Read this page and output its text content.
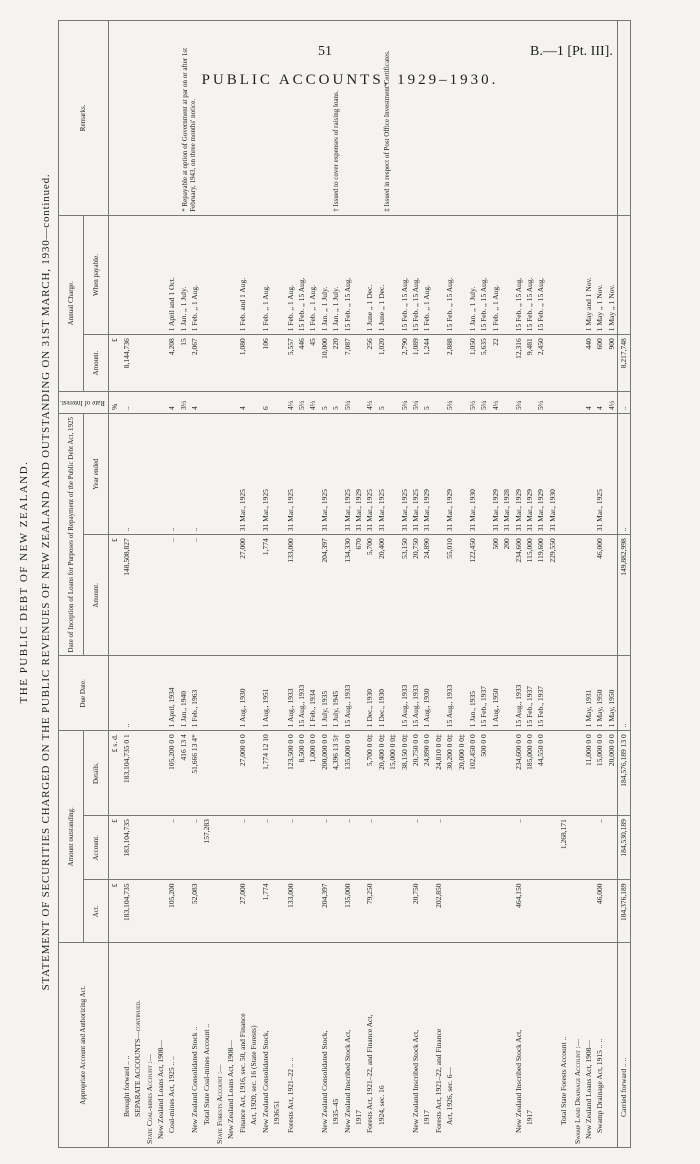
51	B.—1 [Pt. III].
PUBLIC ACCOUNTS, 1929–1930.
THE PUBLIC DEBT OF NEW ZEALAND. STATEMENT OF SECURITIES CHARGED ON THE PUBLIC REVENUES OF NEW ZEALAND AND OUTSTANDING ON 31ST MARCH, 1930—continued.
Appropriate Account and Authorizing Act.	Amount outstanding.			Due Date.	Date of Inception of Loans for Purposes of Repayment of the Public Debt Act, 1925		Rate of Interest.	Annual Charge.		Remarks.
	Act.	Account.	Details.		Amount.	Year ended		Amount.	When payable.	
	£	£	£ s. d.		£		%	£		
Brought forward .. ..	183,104,735	183,104,735	183,104,735 0 1	..	148,508,827	..	..	8,144,736		
SEPARATE ACCOUNTS—continued.										
State Coal-mines Account :—										
New Zealand Loans Act, 1908—										
Coal-mines Act, 1925 .. ..	105,200	..	105,200 0 0	1 April, 1934	..	..	4	4,208	1 April and 1 Oct.	* Repayable at option of Government at par on or after 1st February, 1943, on three months' notice.
			416 13 4	1 Jan., 1940			3½	15	1 Jan. ,, 1 July.	
New Zealand Consolidated Stock ..	52,083	..	51,666 13 4*	1 Feb., 1963	..	..	4	2,067	1 Feb. ,, 1 Aug.	
Total State Coal-mines Account ..		157,283								

State Forests Account :—										
New Zealand Loans Act, 1908—										
Finance Act, 1916, sec. 50, and Finance	27,000	..	27,000 0 0	1 Aug., 1930	27,000	31 Mar., 1925	4	1,080	1 Feb. and 1 Aug.	
Act, 1920, sec. 16 (State Forests)										
New Zealand Consolidated Stock,	1,774	..	1,774 12 10	1 Aug., 1951	1,774	31 Mar., 1925	6	106	1 Feb. ,, 1 Aug.	
1936/51										

Forests Act, 1921–22 .. ..	133,000	..	123,500 0 0	1 Aug., 1933	133,000	31 Mar., 1925	4½	5,557	1 Feb. ,, 1 Aug.	
			8,500 0 0	15 Aug., 1933			5½	446	15 Feb. ,, 15 Aug.	
			1,000 0 0	1 Feb., 1934			4½	45	1 Feb. ,, 1 Aug.	
New Zealand Consolidated Stock,	204,397	..	200,000 0 0	1 July, 1935	204,397	31 Mar., 1925	5	10,000	1 Jan. ,, 1 July.	† Issued to cover expenses of raising loans.
1935–45			4,396 13 5†	1 July, 1945			5	220	1 Jan. ,, 1 July.	
New Zealand Inscribed Stock Act,	135,000	..	135,000 0 0	15 Aug., 1933	134,330	31 Mar., 1925	5¼	7,087	15 Feb. ,, 15 Aug.	
1917					670	31 Mar., 1929				
Forests Act, 1921–22, and Finance Act,	79,250	..	5,700 0 0‡	1 Dec., 1930	5,700	31 Mar., 1925	4½	256	1 June ,, 1 Dec.	‡ Issued in respect of Post Office Investment Certificates.
1924, sec. 16			20,400 0 0‡	1 Dec., 1930	20,400	31 Mar., 1925	5	1,020	1 June ,, 1 Dec.	
			15,000 0 0‡							
			38,150 0 0‡	15 Aug., 1933	53,150	31 Mar., 1925	5¼	2,790	15 Feb. ,, 15 Aug.	
New Zealand Inscribed Stock Act,	20,750	..	20,750 0 0	15 Aug., 1933	20,750	31 Mar., 1925	5¼	1,089	15 Feb. ,, 15 Aug.	
1917			24,890 0 0	1 Aug., 1930	24,890	31 Mar., 1929	5	1,244	1 Feb. ,, 1 Aug.	
Forests Act, 1921–22, and Finance	202,850	..	24,810 0 0‡							
Act, 1926, sec. 6—			30,200 0 0‡	15 Aug., 1933	55,010	31 Mar., 1929	5¼	2,888	15 Feb. ,, 15 Aug.	
			20,000 0 0‡							
			102,450 0 0	1 Jan., 1935	122,450	31 Mar., 1930	5½	1,050	1 Jan. ,, 1 July.	
			500 0 0	15 Feb., 1937			5¼	5,635	15 Feb. ,, 15 Aug.	
				1 Aug., 1950	500	31 Mar., 1929	4½	22	1 Feb. ,, 1 Aug.	
					200	31 Mar., 1928				
New Zealand Inscribed Stock Act,	464,150	..	234,600 0 0	15 Aug., 1933	234,600	31 Mar., 1929	5¼	12,316	15 Feb. ,, 15 Aug.	
1917			185,000 0 0	15 Feb., 1937	115,000	31 Mar., 1929		9,481	15 Feb. ,, 15 Aug.	
			44,550 0 0	15 Feb., 1937	119,600	31 Mar., 1929	5½	2,450	15 Feb. ,, 15 Aug.	
					229,550	31 Mar., 1930				
Total State Forests Account ..		1,268,171								

Swamp Land Drainage Account :—										
New Zealand Loans Act, 1908—			11,000 0 0	1 May, 1931			4	440	1 May and 1 Nov.	
Swamp Drainage Act, 1915 .. ..	46,000	..	15,000 0 0	1 May, 1950	46,000	31 Mar., 1925	4	600	1 May ,, 1 Nov.	
			20,000 0 0	1 May, 1950			4½	900	1 May ,, 1 Nov.	
Carried forward .. ..	184,376,189	184,530,189	184,576,189 13 0	..	149,882,998	..	..	8,217,748		
